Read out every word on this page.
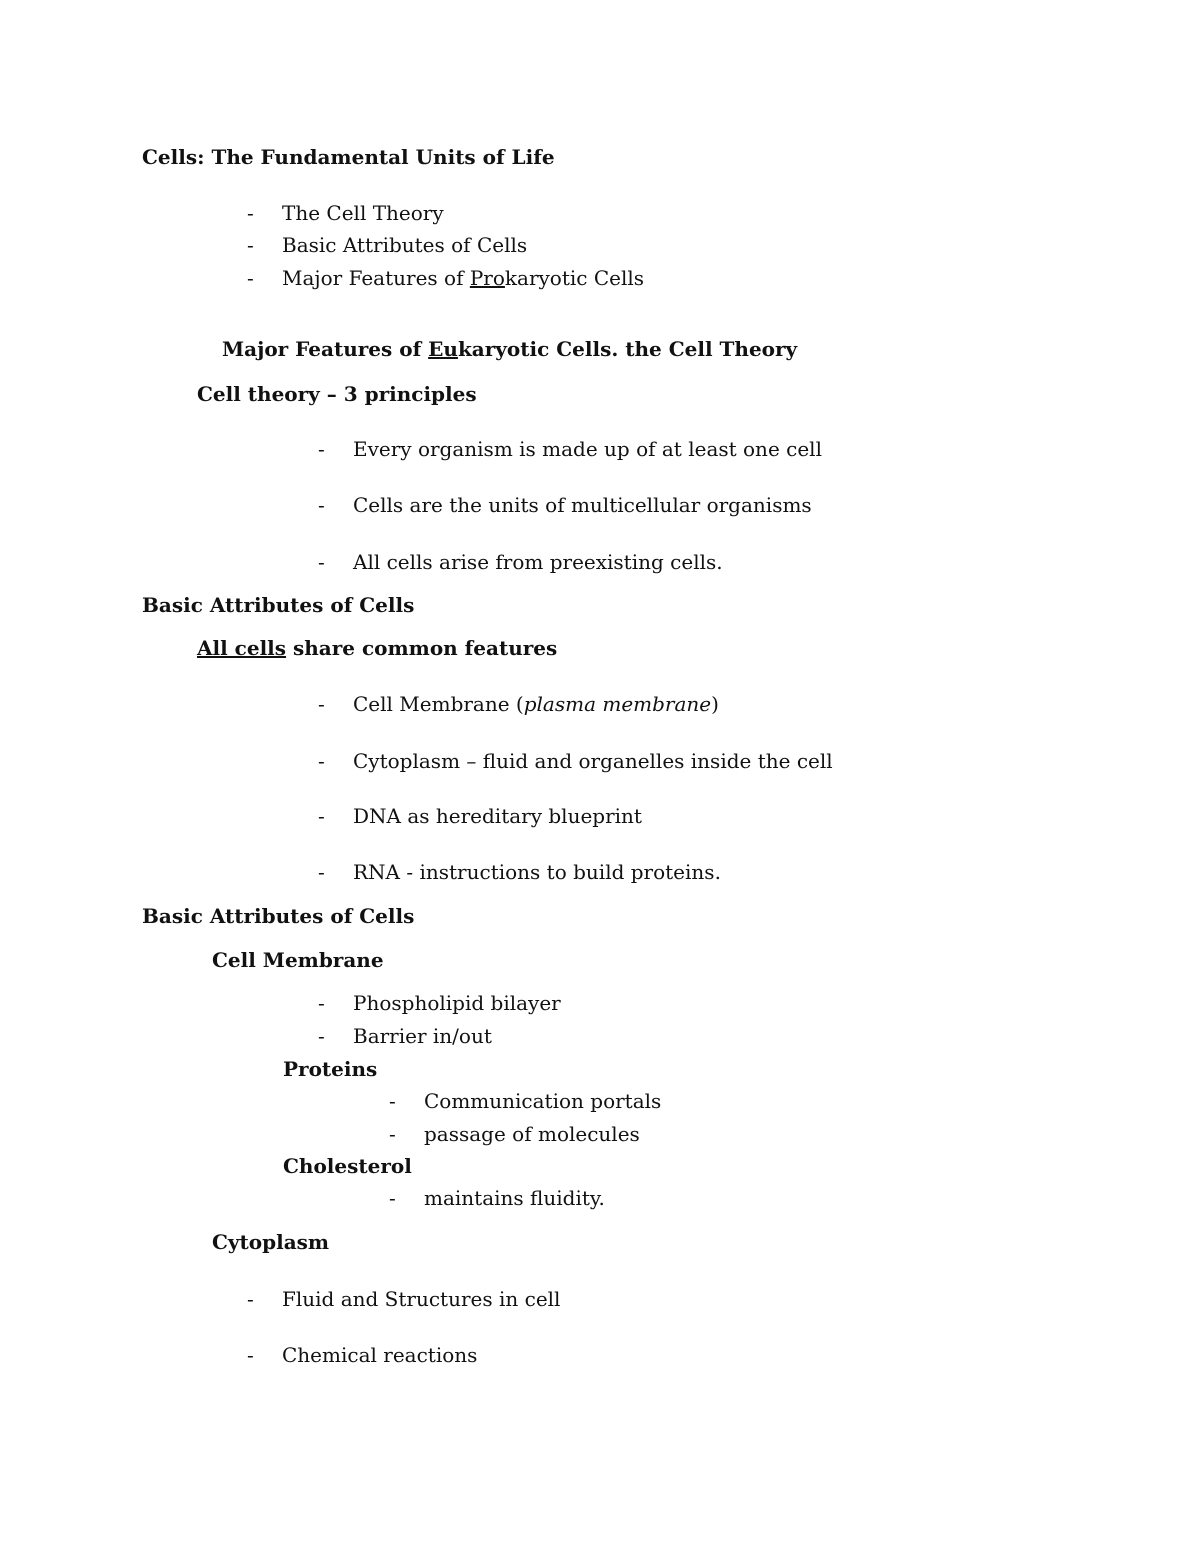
Cells: The Fundamental Units of Life
- The Cell Theory
- Basic Attributes of Cells
- Major Features of Prokaryotic Cells
Major Features of Eukaryotic Cells. the Cell Theory
Cell theory – 3 principles
- Every organism is made up of at least one cell
- Cells are the units of multicellular organisms
- All cells arise from preexisting cells.
Basic Attributes of Cells
All cells share common features
- Cell Membrane (plasma membrane)
- Cytoplasm – fluid and organelles inside the cell
- DNA as hereditary blueprint
- RNA - instructions to build proteins.
Basic Attributes of Cells
Cell Membrane
- Phospholipid bilayer
- Barrier in/out
Proteins
- Communication portals
- passage of molecules
Cholesterol
- maintains fluidity.
Cytoplasm
- Fluid and Structures in cell
- Chemical reactions
